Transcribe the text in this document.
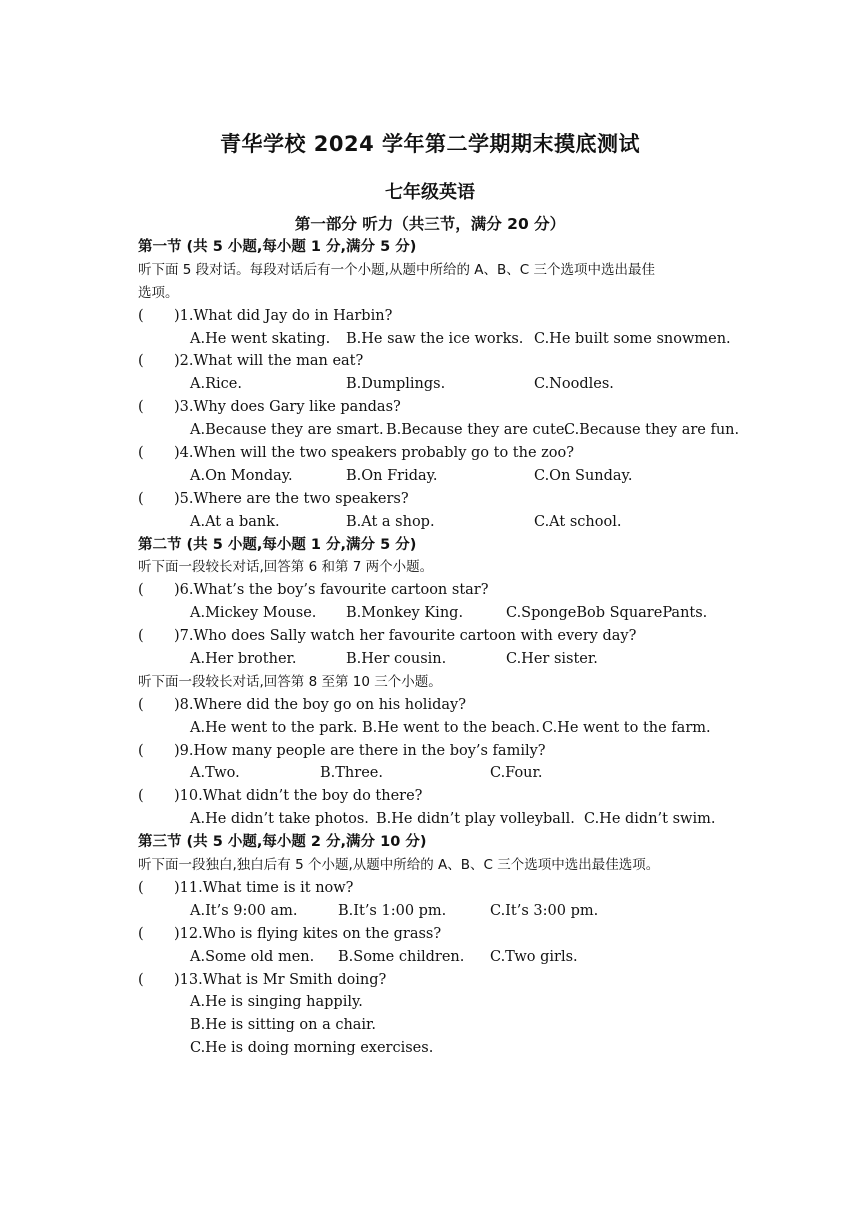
青华学校 2024 学年第二学期期末摸底测试
七年级英语
第一部分 听力（共三节，满分 20 分）
第一节 (共 5 小题,每小题 1 分,满分 5 分)
听下面 5 段对话。每段对话后有一个小题,从题中所给的 A、B、C 三个选项中选出最佳
选项。
( )1.What did Jay do in Harbin?
A.He went skating. B.He saw the ice works. C.He built some snowmen.
( )2.What will the man eat?
A.Rice.	B.Dumplings.	C.Noodles.
( )3.Why does Gary like pandas?
A.Because they are smart. B.Because they are cute.
C.Because they are fun.
( )4.When will the two speakers probably go to the zoo?
A.On Monday.	B.On Friday.	C.On Sunday.
( )5.Where are the two speakers?
A.At a bank.	B.At a shop.	C.At school.
第二节 (共 5 小题,每小题 1 分,满分 5 分)
听下面一段较长对话,回答第 6 和第 7 两个小题。
( )6.What’s the boy’s favourite cartoon star?
A.Mickey Mouse. B.Monkey King.	C.SpongeBob SquarePants.
( )7.Who does Sally watch her favourite cartoon with every day?
A.Her brother.	B.Her cousin.	C.Her sister.
听下面一段较长对话,回答第 8 至第 10 三个小题。
( )8.Where did the boy go on his holiday?
A.He went to the park. B.He went to the beach. C.He went to the farm.
( )9.How many people are there in the boy’s family?
A.Two.	B.Three.	C.Four.
( )10.What didn’t the boy do there?
A.He didn’t take photos. B.He didn’t play volleyball. C.He didn’t swim.
第三节 (共 5 小题,每小题 2 分,满分 10 分)
听下面一段独白,独白后有 5 个小题,从题中所给的 A、B、C 三个选项中选出最佳选项。
( )11.What time is it now?
A.It’s 9:00 am.	B.It’s 1:00 pm.	C.It’s 3:00 pm.
( )12.Who is flying kites on the grass?
A.Some old men. B.Some children. C.Two girls.
( )13.What is Mr Smith doing?
A.He is singing happily.
B.He is sitting on a chair.
C.He is doing morning exercises.
